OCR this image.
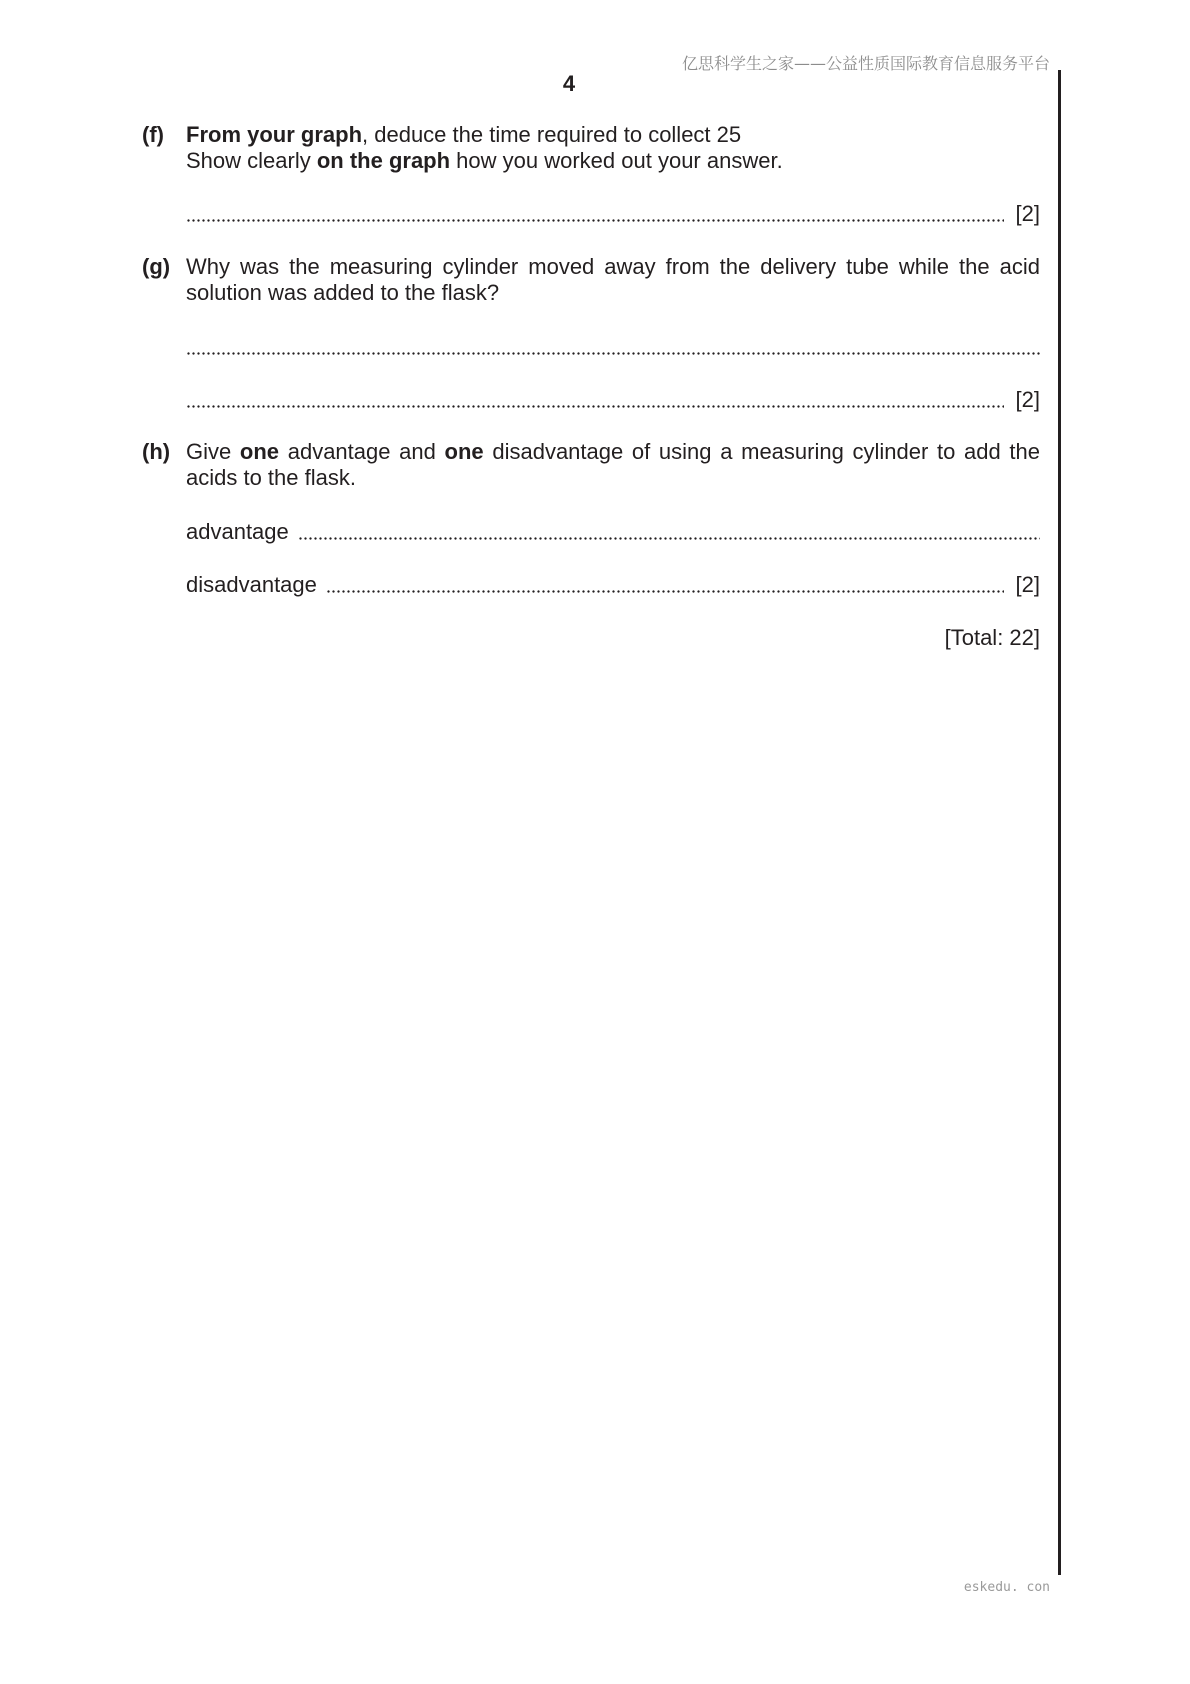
亿思科学生之家——公益性质国际教育信息服务平台
4
(f) From your graph, deduce the time required to collect 25
Show clearly on the graph how you worked out your answer.
[2]
(g) Why was the measuring cylinder moved away from the delivery tube while the acid solution was added to the flask?
[2]
(h) Give one advantage and one disadvantage of using a measuring cylinder to add the acids to the flask.
advantage
disadvantage	[2]
[Total: 22]
eskedu. con
